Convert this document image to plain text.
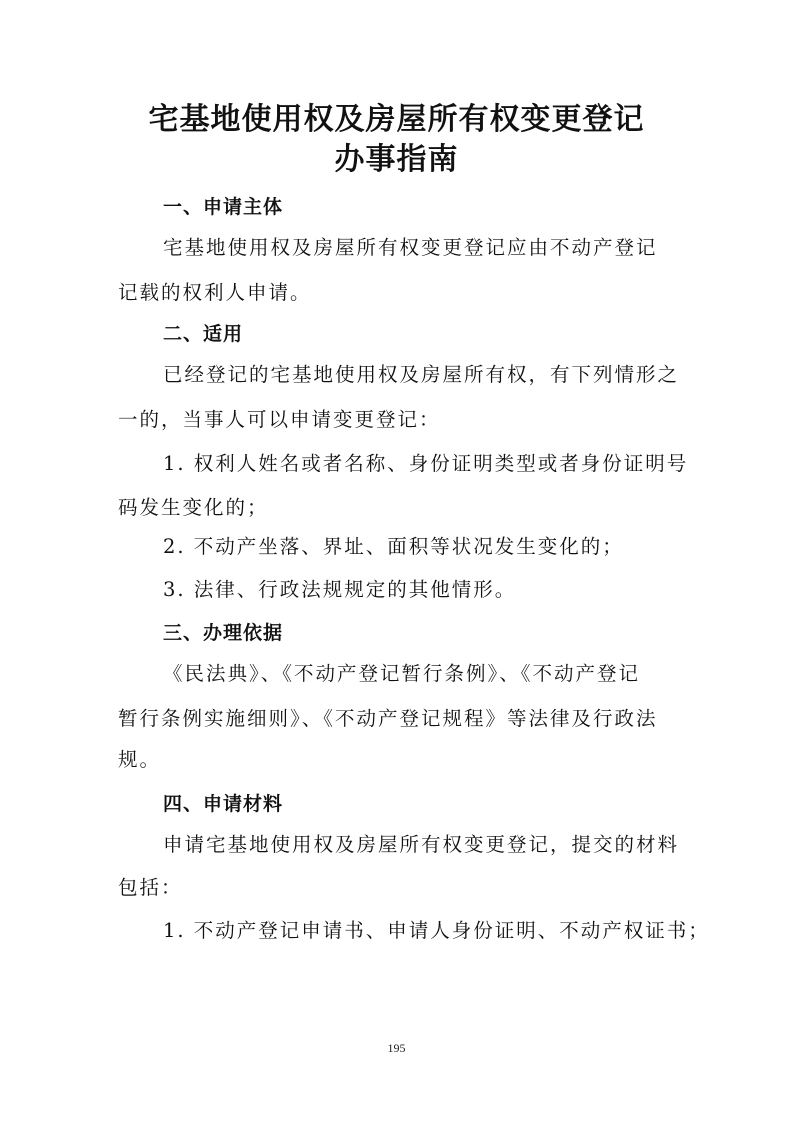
宅基地使用权及房屋所有权变更登记
办事指南
一、申请主体
宅基地使用权及房屋所有权变更登记应由不动产登记
记载的权利人申请。
二、适用
已经登记的宅基地使用权及房屋所有权，有下列情形之
一的，当事人可以申请变更登记：
1. 权利人姓名或者名称、身份证明类型或者身份证明号
码发生变化的；
2. 不动产坐落、界址、面积等状况发生变化的；
3. 法律、行政法规规定的其他情形。
三、办理依据
《民法典》、《不动产登记暂行条例》、《不动产登记
暂行条例实施细则》、《不动产登记规程》等法律及行政法
规。
四、申请材料
申请宅基地使用权及房屋所有权变更登记，提交的材料
包括：
1. 不动产登记申请书、申请人身份证明、不动产权证书；
195
